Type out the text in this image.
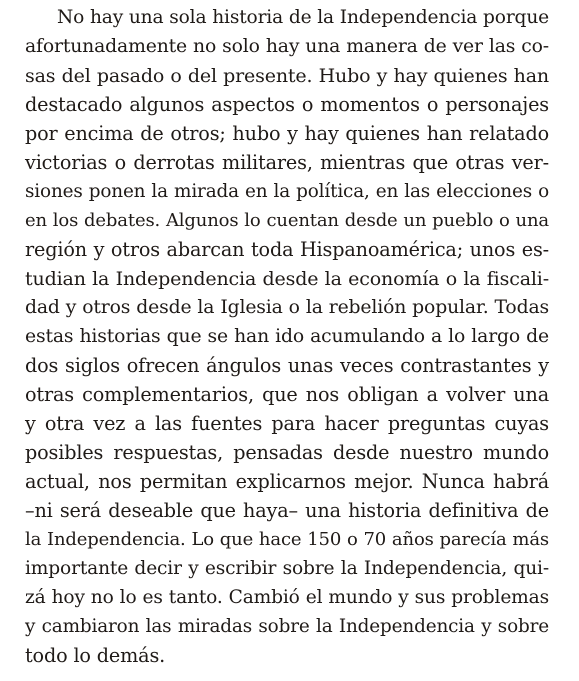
No hay una sola historia de la Independencia porque
afortunadamente no solo hay una manera de ver las co-
sas del pasado o del presente. Hubo y hay quienes han
destacado algunos aspectos o momentos o personajes
por encima de otros; hubo y hay quienes han relatado
victorias o derrotas militares, mientras que otras ver-
siones ponen la mirada en la política, en las elecciones o
en los debates. Algunos lo cuentan desde un pueblo o una
región y otros abarcan toda Hispanoamérica; unos es-
tudian la Independencia desde la economía o la fiscali-
dad y otros desde la Iglesia o la rebelión popular. Todas
estas historias que se han ido acumulando a lo largo de
dos siglos ofrecen ángulos unas veces contrastantes y
otras complementarios, que nos obligan a volver una
y otra vez a las fuentes para hacer preguntas cuyas
posibles respuestas, pensadas desde nuestro mundo
actual, nos permitan explicarnos mejor. Nunca habrá
–ni será deseable que haya– una historia definitiva de
la Independencia. Lo que hace 150 o 70 años parecía más
importante decir y escribir sobre la Independencia, qui-
zá hoy no lo es tanto. Cambió el mundo y sus problemas
y cambiaron las miradas sobre la Independencia y sobre
todo lo demás.
